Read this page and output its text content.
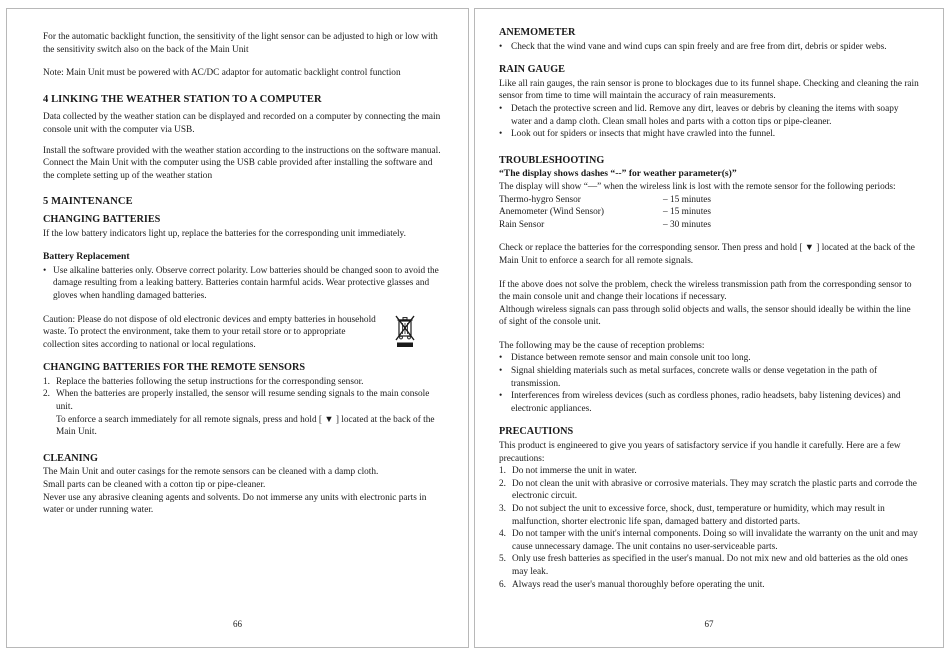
For the automatic backlight function, the sensitivity of the light sensor can be adjusted to high or low with the sensitivity switch also on the back of the Main Unit

Note: Main Unit must be powered with AC/DC adaptor for automatic backlight control function

4 LINKING THE WEATHER STATION TO A COMPUTER

Data collected by the weather station can be displayed and recorded on a computer by connecting the main console unit with the computer via USB.

Install the software provided with the weather station according to the instructions on the software manual.

Connect the Main Unit with the computer using the USB cable provided after installing the software and the complete setting up of the weather station

5 MAINTENANCE
CHANGING BATTERIES

If the low battery indicators light up, replace the batteries for the corresponding unit immediately.

Battery Replacement
• Use alkaline batteries only. Observe correct polarity. Low batteries should be changed soon to avoid the damage resulting from a leaking battery. Batteries contain harmful acids. Wear protective glasses and gloves when handling damaged batteries.

Caution: Please do not dispose of old electronic devices and empty batteries in household waste. To protect the environment, take them to your retail store or to appropriate collection sites according to national or local regulations.

CHANGING BATTERIES FOR THE REMOTE SENSORS
1. Replace the batteries following the setup instructions for the corresponding sensor.
2. When the batteries are properly installed, the sensor will resume sending signals to the main console unit.

To enforce a search immediately for all remote signals, press and hold [ ▼ ] located at the back of the Main Unit.

CLEANING

The Main Unit and outer casings for the remote sensors can be cleaned with a damp cloth.

Small parts can be cleaned with a cotton tip or pipe-cleaner.

Never use any abrasive cleaning agents and solvents. Do not immerse any units with electronic parts in water or under running water.

66
ANEMOMETER
• Check that the wind vane and wind cups can spin freely and are free from dirt, debris or spider webs.
RAIN GAUGE

Like all rain gauges, the rain sensor is prone to blockages due to its funnel shape. Checking and cleaning the rain sensor from time to time will maintain the accuracy of rain measurements.

• Detach the protective screen and lid. Remove any dirt, leaves or debris by cleaning the items with soapy water and a damp cloth. Clean small holes and parts with a cotton tips or pipe-cleaner.
• Look out for spiders or insects that might have crawled into the funnel.
TROUBLESHOOTING

“The display shows dashes “--” for weather parameter(s)”

The display will show “—” when the wireless link is lost with the remote sensor for the following periods:

Thermo-hygro Sensor	– 15 minutes
Anemometer (Wind Sensor)	– 15 minutes
Rain Sensor	– 30 minutes

Check or replace the batteries for the corresponding sensor. Then press and hold [ ▼ ] located at the back of the Main Unit to enforce a search for all remote signals.

If the above does not solve the problem, check the wireless transmission path from the corresponding sensor to the main console unit and change their locations if necessary.

Although wireless signals can pass through solid objects and walls, the sensor should ideally be within the line of sight of the console unit.

The following may be the cause of reception problems:

• Distance between remote sensor and main console unit too long.
• Signal shielding materials such as metal surfaces, concrete walls or dense vegetation in the path of transmission.
• Interferences from wireless devices (such as cordless phones, radio headsets, baby listening devices) and electronic appliances.
PRECAUTIONS

This product is engineered to give you years of satisfactory service if you handle it carefully. Here are a few precautions:

1. Do not immerse the unit in water.
2. Do not clean the unit with abrasive or corrosive materials. They may scratch the plastic parts and corrode the electronic circuit.
3. Do not subject the unit to excessive force, shock, dust, temperature or humidity, which may result in malfunction, shorter electronic life span, damaged battery and distorted parts.
4. Do not tamper with the unit's internal components. Doing so will invalidate the warranty on the unit and may cause unnecessary damage. The unit contains no user-serviceable parts.
5. Only use fresh batteries as specified in the user's manual. Do not mix new and old batteries as the old ones may leak.
6. Always read the user's manual thoroughly before operating the unit.
67
